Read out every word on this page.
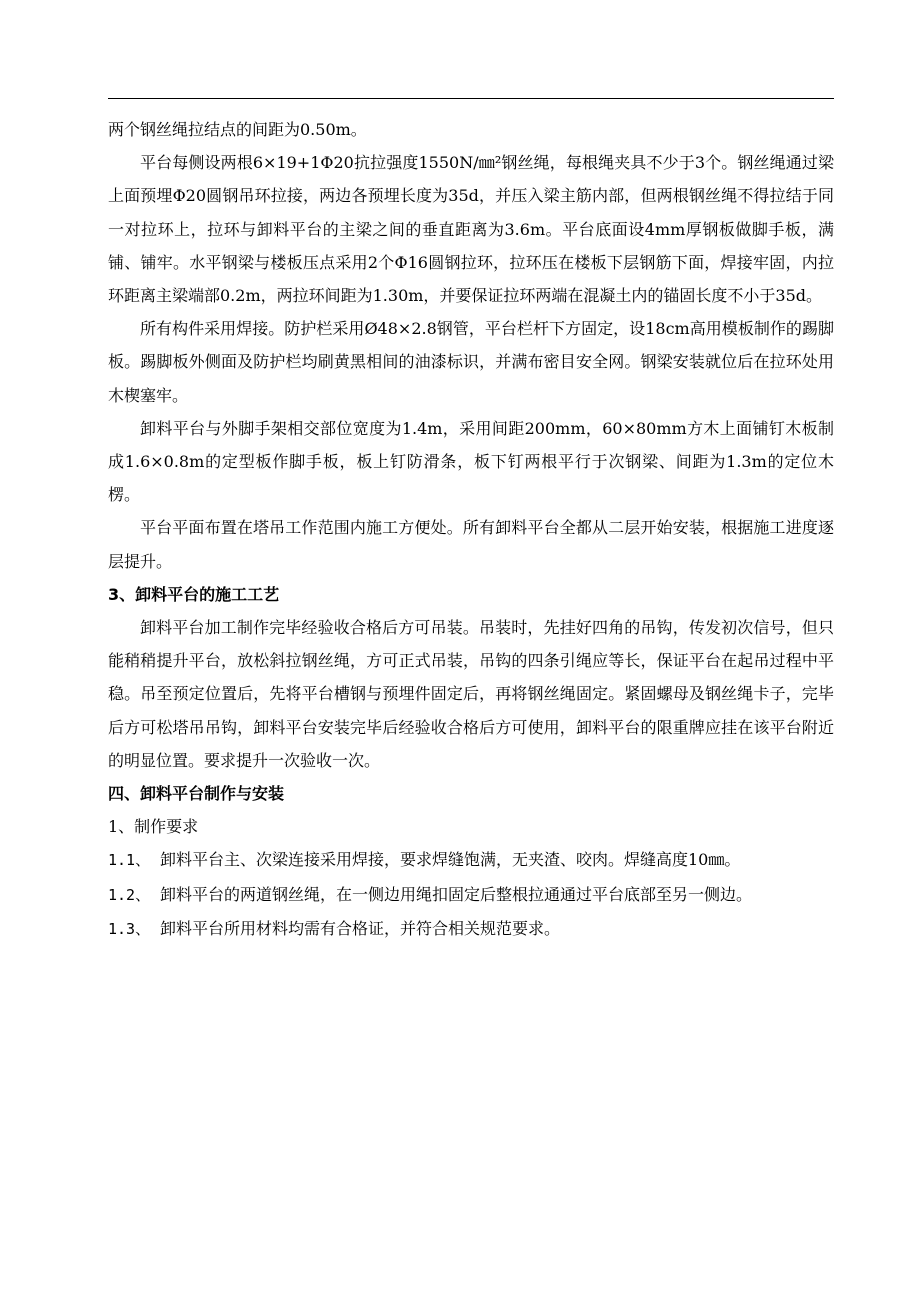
两个钢丝绳拉结点的间距为0.50m。

平台每侧设两根6×19+1Φ20抗拉强度1550N/㎜²钢丝绳，每根绳夹具不少于3个。钢丝绳通过梁上面预埋Φ20圆钢吊环拉接，两边各预埋长度为35d，并压入梁主筋内部，但两根钢丝绳不得拉结于同一对拉环上，拉环与卸料平台的主梁之间的垂直距离为3.6m。平台底面设4mm厚钢板做脚手板，满铺、铺牢。水平钢梁与楼板压点采用2个Φ16圆钢拉环，拉环压在楼板下层钢筋下面，焊接牢固，内拉环距离主梁端部0.2m，两拉环间距为1.30m，并要保证拉环两端在混凝土内的锚固长度不小于35d。

所有构件采用焊接。防护栏采用Ø48×2.8钢管，平台栏杆下方固定，设18cm高用模板制作的踢脚板。踢脚板外侧面及防护栏均刷黄黑相间的油漆标识，并满布密目安全网。钢梁安装就位后在拉环处用木楔塞牢。

卸料平台与外脚手架相交部位宽度为1.4m，采用间距200mm，60×80mm方木上面铺钉木板制成1.6×0.8m的定型板作脚手板，板上钉防滑条，板下钉两根平行于次钢梁、间距为1.3m的定位木楞。

平台平面布置在塔吊工作范围内施工方便处。所有卸料平台全都从二层开始安装，根据施工进度逐层提升。

3、卸料平台的施工工艺

卸料平台加工制作完毕经验收合格后方可吊装。吊装时，先挂好四角的吊钩，传发初次信号，但只能稍稍提升平台，放松斜拉钢丝绳，方可正式吊装，吊钩的四条引绳应等长，保证平台在起吊过程中平稳。吊至预定位置后，先将平台槽钢与预埋件固定后，再将钢丝绳固定。紧固螺母及钢丝绳卡子，完毕后方可松塔吊吊钩，卸料平台安装完毕后经验收合格后方可使用，卸料平台的限重牌应挂在该平台附近的明显位置。要求提升一次验收一次。

四、卸料平台制作与安装

1、制作要求

1.1、 卸料平台主、次梁连接采用焊接，要求焊缝饱满，无夹渣、咬肉。焊缝高度10㎜。

1.2、 卸料平台的两道钢丝绳，在一侧边用绳扣固定后整根拉通通过平台底部至另一侧边。

1.3、 卸料平台所用材料均需有合格证，并符合相关规范要求。
